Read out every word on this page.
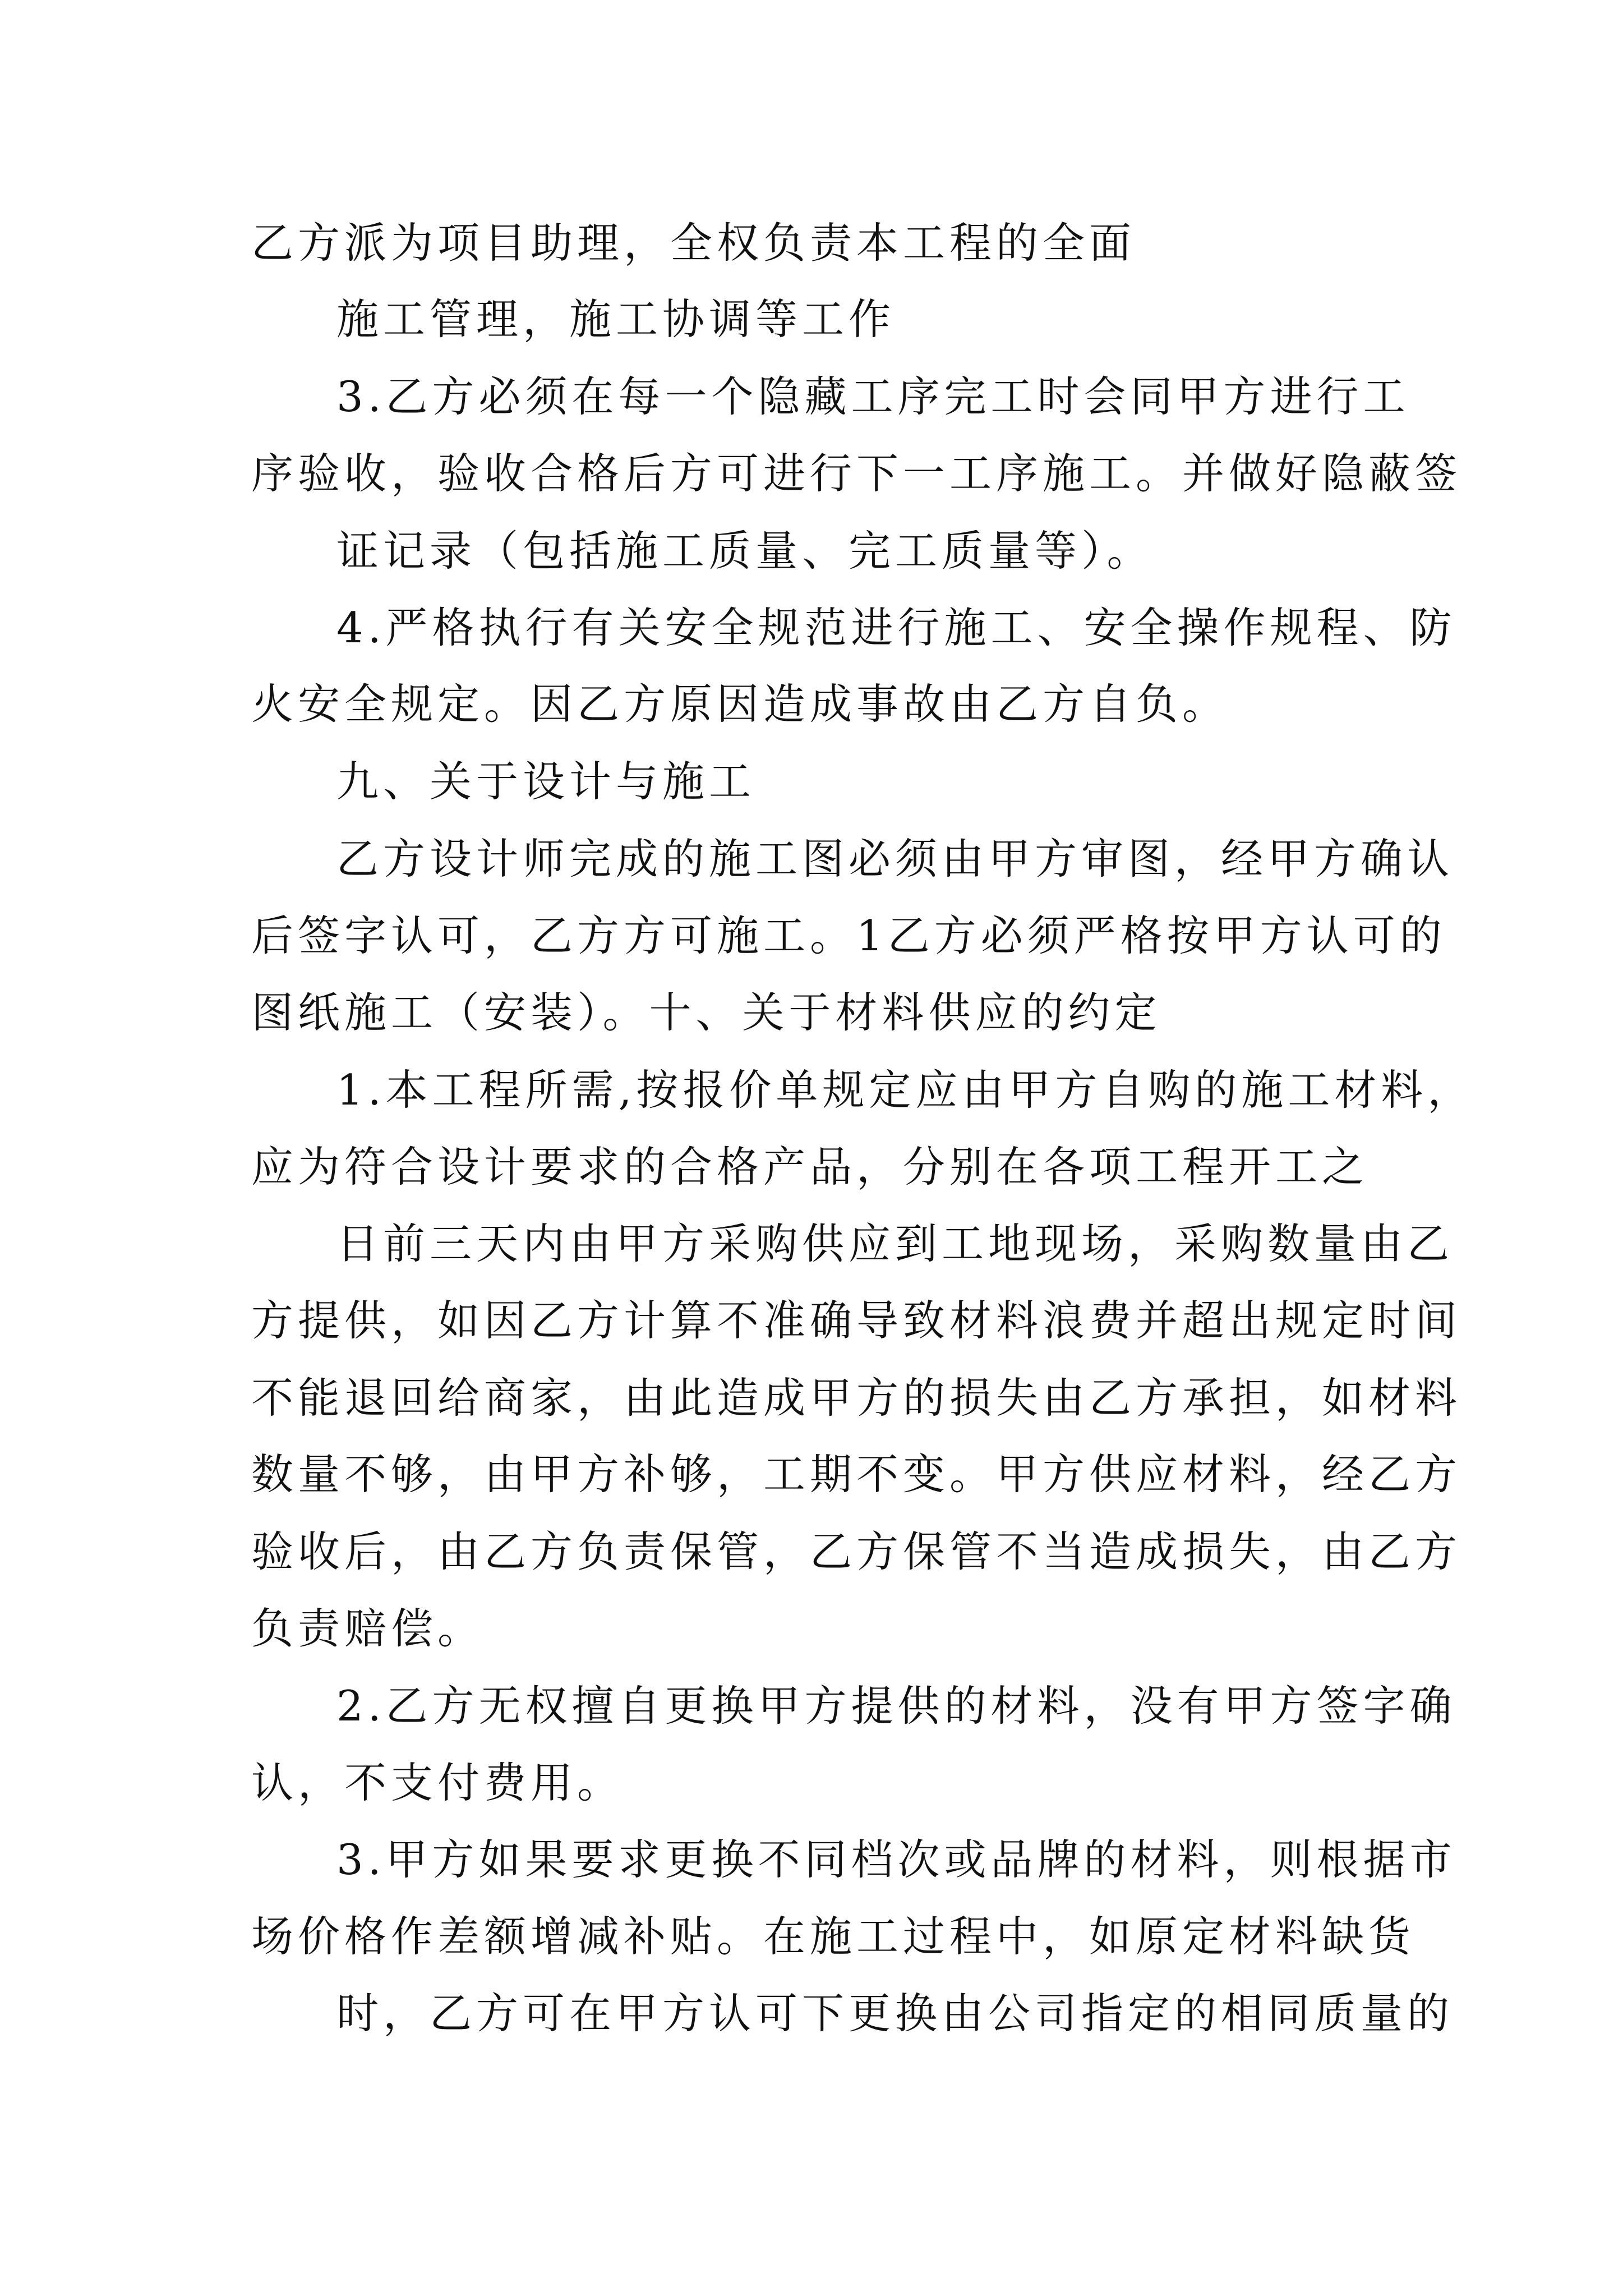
乙方派为项目助理，全权负责本工程的全面
施工管理，施工协调等工作
3.乙方必须在每一个隐藏工序完工时会同甲方进行工
序验收，验收合格后方可进行下一工序施工。并做好隐蔽签
证记录（包括施工质量、完工质量等）。
4.严格执行有关安全规范进行施工、安全操作规程、防
火安全规定。因乙方原因造成事故由乙方自负。
九、关于设计与施工
乙方设计师完成的施工图必须由甲方审图，经甲方确认
后签字认可，乙方方可施工。1乙方必须严格按甲方认可的
图纸施工（安装）。十、关于材料供应的约定
1.本工程所需,按报价单规定应由甲方自购的施工材料，
应为符合设计要求的合格产品，分别在各项工程开工之
日前三天内由甲方采购供应到工地现场，采购数量由乙
方提供，如因乙方计算不准确导致材料浪费并超出规定时间
不能退回给商家，由此造成甲方的损失由乙方承担，如材料
数量不够，由甲方补够，工期不变。甲方供应材料，经乙方
验收后，由乙方负责保管，乙方保管不当造成损失，由乙方
负责赔偿。
2.乙方无权擅自更换甲方提供的材料，没有甲方签字确
认，不支付费用。
3.甲方如果要求更换不同档次或品牌的材料，则根据市
场价格作差额增减补贴。在施工过程中，如原定材料缺货
时，乙方可在甲方认可下更换由公司指定的相同质量的
